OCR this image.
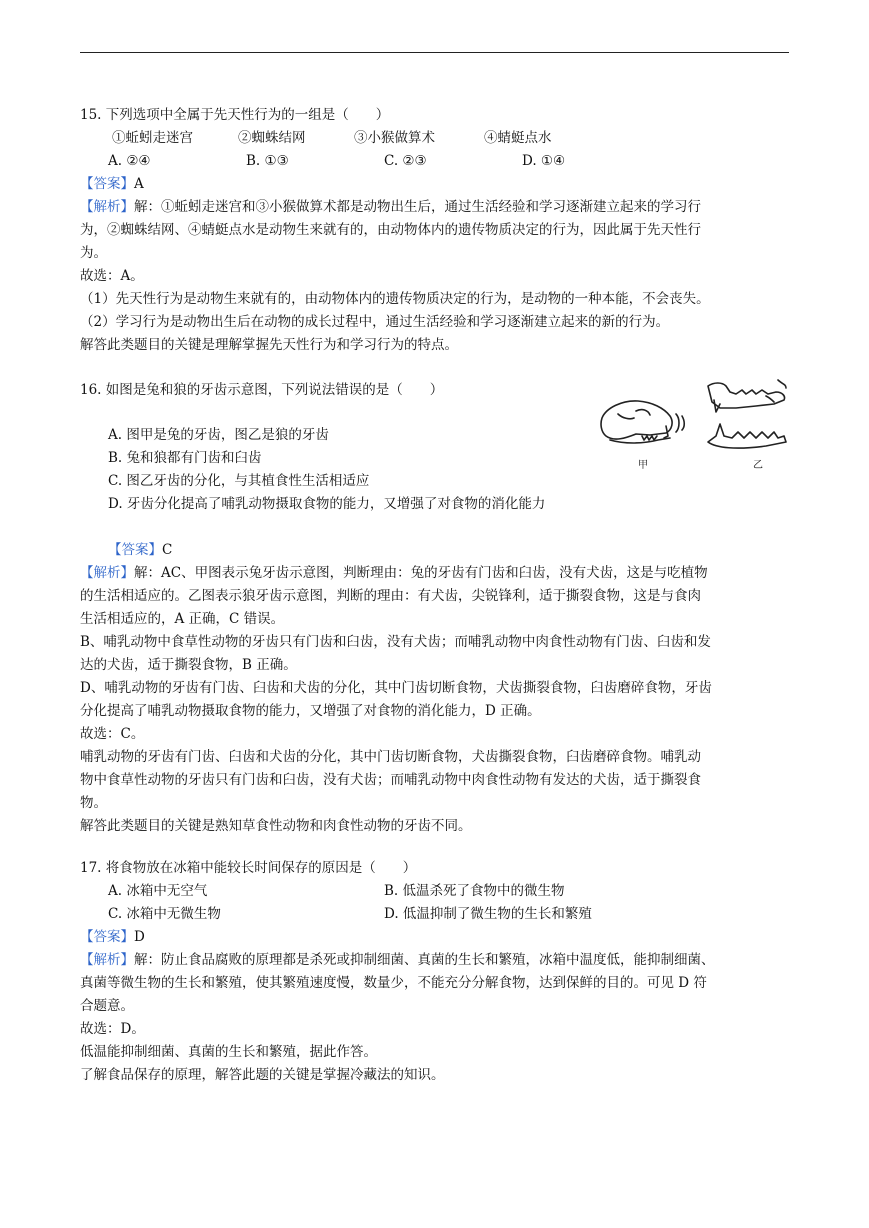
15. 下列选项中全属于先天性行为的一组是（　　）
①蚯蚓走迷宫	②蜘蛛结网	③小猴做算术	④蜻蜓点水
A. ②④	B. ①③	C. ②③	D. ①④
【答案】A
【解析】解：①蚯蚓走迷宫和③小猴做算术都是动物出生后，通过生活经验和学习逐渐建立起来的学习行
为，②蜘蛛结网、④蜻蜓点水是动物生来就有的，由动物体内的遗传物质决定的行为，因此属于先天性行
为。
故选：A。
（1）先天性行为是动物生来就有的，由动物体内的遗传物质决定的行为，是动物的一种本能，不会丧失。
（2）学习行为是动物出生后在动物的成长过程中，通过生活经验和学习逐渐建立起来的新的行为。
解答此类题目的关键是理解掌握先天性行为和学习行为的特点。
16. 如图是兔和狼的牙齿示意图，下列说法错误的是（　　）
A. 图甲是兔的牙齿，图乙是狼的牙齿
B. 兔和狼都有门齿和臼齿
C. 图乙牙齿的分化，与其植食性生活相适应
D. 牙齿分化提高了哺乳动物摄取食物的能力，又增强了对食物的消化能力
甲	乙
【答案】C
【解析】解：AC、甲图表示兔牙齿示意图，判断理由：兔的牙齿有门齿和臼齿，没有犬齿，这是与吃植物
的生活相适应的。乙图表示狼牙齿示意图，判断的理由：有犬齿，尖锐锋利，适于撕裂食物，这是与食肉
生活相适应的，A 正确，C 错误。
B、哺乳动物中食草性动物的牙齿只有门齿和臼齿，没有犬齿；而哺乳动物中肉食性动物有门齿、臼齿和发
达的犬齿，适于撕裂食物，B 正确。
D、哺乳动物的牙齿有门齿、臼齿和犬齿的分化，其中门齿切断食物，犬齿撕裂食物，臼齿磨碎食物，牙齿
分化提高了哺乳动物摄取食物的能力，又增强了对食物的消化能力，D 正确。
故选：C。
哺乳动物的牙齿有门齿、臼齿和犬齿的分化，其中门齿切断食物，犬齿撕裂食物，臼齿磨碎食物。哺乳动
物中食草性动物的牙齿只有门齿和臼齿，没有犬齿；而哺乳动物中肉食性动物有发达的犬齿，适于撕裂食
物。
解答此类题目的关键是熟知草食性动物和肉食性动物的牙齿不同。
17. 将食物放在冰箱中能较长时间保存的原因是（　　）
A. 冰箱中无空气	B. 低温杀死了食物中的微生物
C. 冰箱中无微生物	D. 低温抑制了微生物的生长和繁殖
【答案】D
【解析】解：防止食品腐败的原理都是杀死或抑制细菌、真菌的生长和繁殖，冰箱中温度低，能抑制细菌、
真菌等微生物的生长和繁殖，使其繁殖速度慢，数量少，不能充分分解食物，达到保鲜的目的。可见 D 符
合题意。
故选：D。
低温能抑制细菌、真菌的生长和繁殖，据此作答。
了解食品保存的原理，解答此题的关键是掌握冷藏法的知识。
